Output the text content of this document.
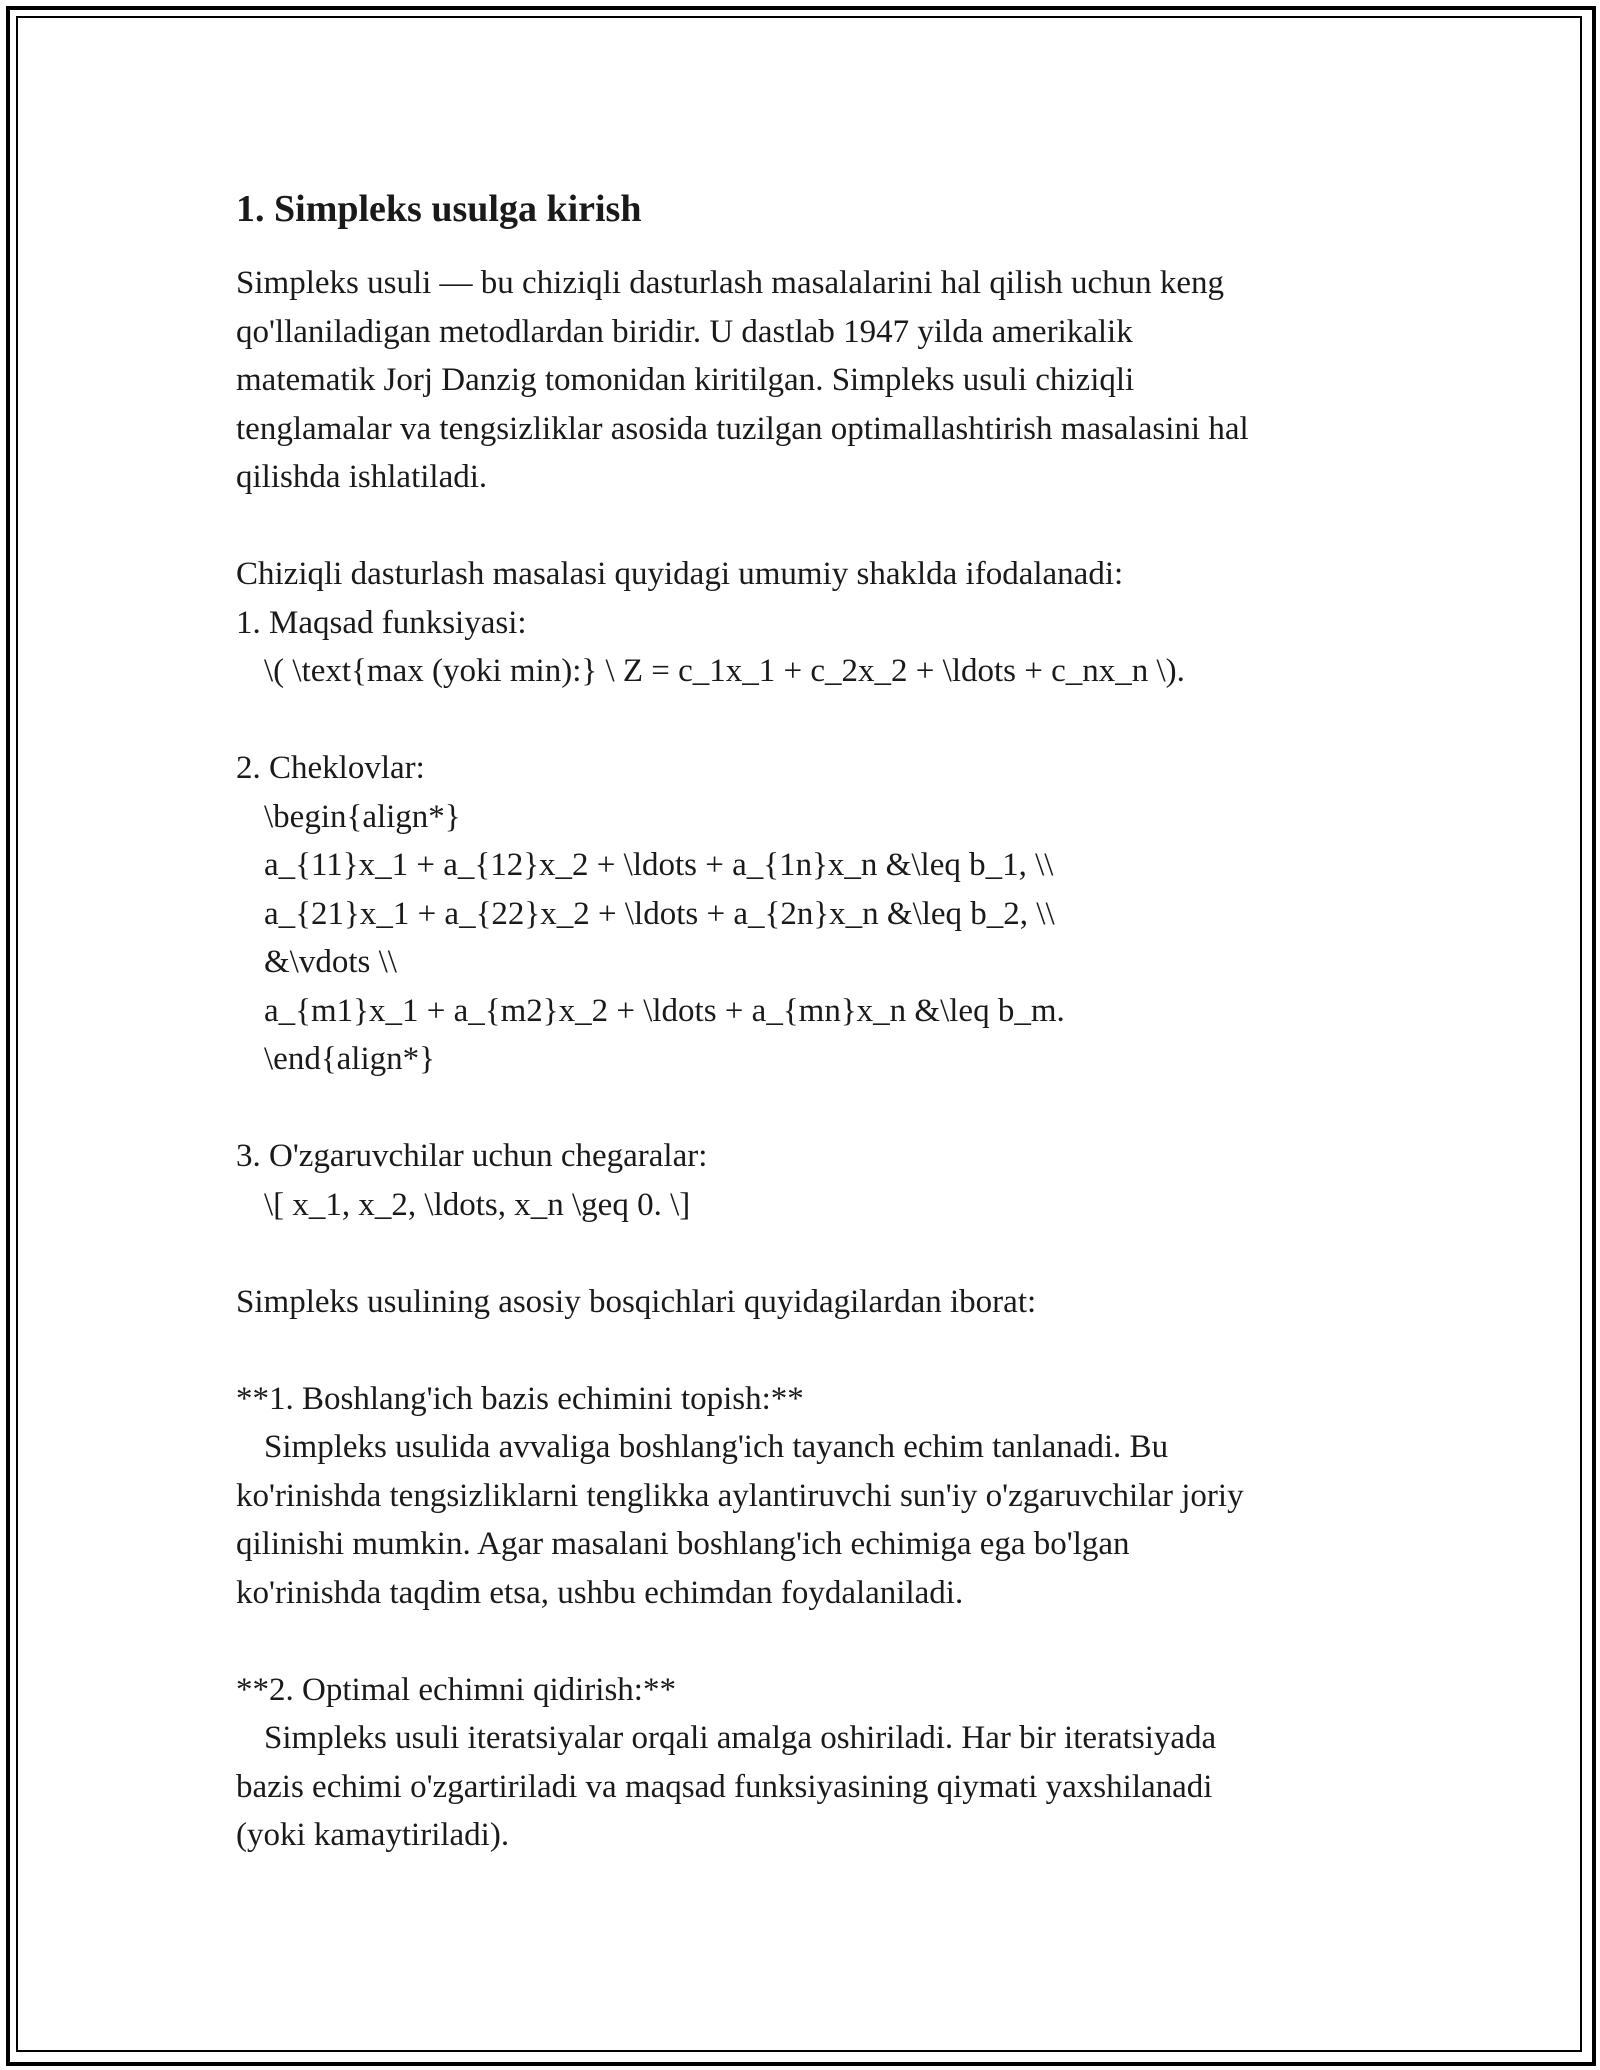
1. Simpleks usulga kirish
Simpleks usuli — bu chiziqli dasturlash masalalarini hal qilish uchun keng
qo'llaniladigan metodlardan biridir. U dastlab 1947 yilda amerikalik
matematik Jorj Danzig tomonidan kiritilgan. Simpleks usuli chiziqli
tenglamalar va tengsizliklar asosida tuzilgan optimallashtirish masalasini hal
qilishda ishlatiladi.
Chiziqli dasturlash masalasi quyidagi umumiy shaklda ifodalanadi:
1. Maqsad funksiyasi:
\( \text{max (yoki min):} \ Z = c_1x_1 + c_2x_2 + \ldots + c_nx_n \).
2. Cheklovlar:
\begin{align*}
a_{11}x_1 + a_{12}x_2 + \ldots + a_{1n}x_n &\leq b_1, \\
a_{21}x_1 + a_{22}x_2 + \ldots + a_{2n}x_n &\leq b_2, \\
&\vdots \\
a_{m1}x_1 + a_{m2}x_2 + \ldots + a_{mn}x_n &\leq b_m.
\end{align*}
3. O'zgaruvchilar uchun chegaralar:
\[ x_1, x_2, \ldots, x_n \geq 0. \]
Simpleks usulining asosiy bosqichlari quyidagilardan iborat:
**1. Boshlang'ich bazis echimini topish:**
Simpleks usulida avvaliga boshlang'ich tayanch echim tanlanadi. Bu
ko'rinishda tengsizliklarni tenglikka aylantiruvchi sun'iy o'zgaruvchilar joriy
qilinishi mumkin. Agar masalani boshlang'ich echimiga ega bo'lgan
ko'rinishda taqdim etsa, ushbu echimdan foydalaniladi.
**2. Optimal echimni qidirish:**
Simpleks usuli iteratsiyalar orqali amalga oshiriladi. Har bir iteratsiyada
bazis echimi o'zgartiriladi va maqsad funksiyasining qiymati yaxshilanadi
(yoki kamaytiriladi).
